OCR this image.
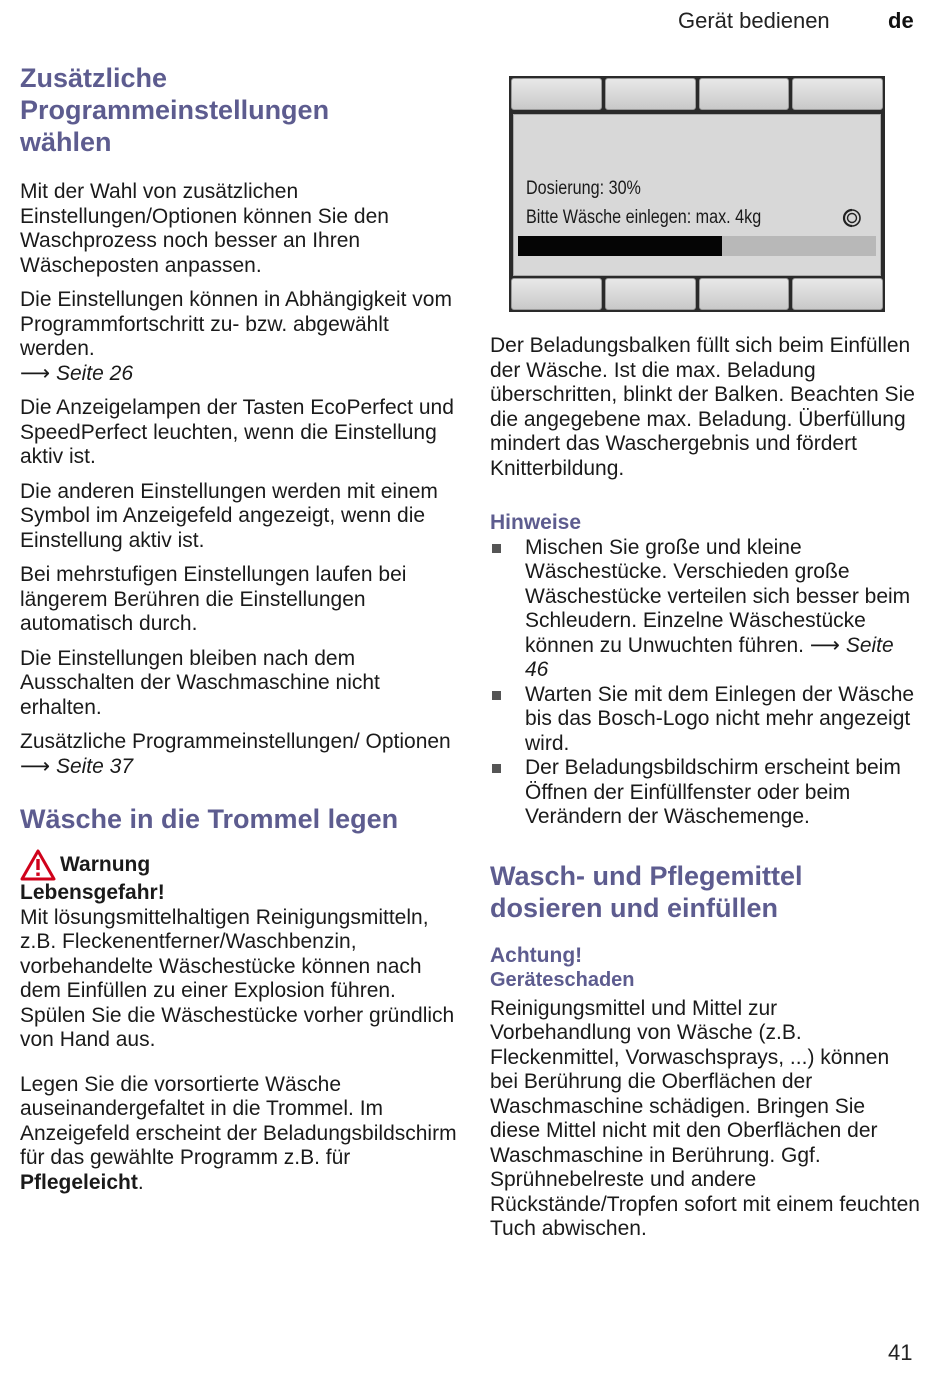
Gerät bedienen	de
Zusätzliche
Programmeinstellungen
wählen

Mit der Wahl von zusätzlichen Einstellungen/Optionen können Sie den Waschprozess noch besser an Ihren Wäscheposten anpassen.

Die Einstellungen können in Abhängigkeit vom Programmfortschritt zu- bzw. abgewählt werden.
⟶ Seite 26

Die Anzeigelampen der Tasten EcoPerfect und SpeedPerfect leuchten, wenn die Einstellung aktiv ist.

Die anderen Einstellungen werden mit einem Symbol im Anzeigefeld angezeigt, wenn die Einstellung aktiv ist.

Bei mehrstufigen Einstellungen laufen bei längerem Berühren die Einstellungen automatisch durch.

Die Einstellungen bleiben nach dem Ausschalten der Waschmaschine nicht erhalten.

Zusätzliche Programmeinstellungen/ Optionen ⟶ Seite 37

Wäsche in die Trommel legen
Warnung
Lebensgefahr!
Mit lösungsmittelhaltigen Reinigungsmitteln, z.B. Fleckenentferner/Waschbenzin, vorbehandelte Wäschestücke können nach dem Einfüllen zu einer Explosion führen.
Spülen Sie die Wäschestücke vorher gründlich von Hand aus.

Legen Sie die vorsortierte Wäsche auseinandergefaltet in die Trommel. Im Anzeigefeld erscheint der Beladungsbildschirm für das gewählte Programm z.B. für Pflegeleicht.

Dosierung: 30%
Bitte Wäsche einlegen: max. 4kg

Der Beladungsbalken füllt sich beim Einfüllen der Wäsche. Ist die max. Beladung überschritten, blinkt der Balken. Beachten Sie die angegebene max. Beladung. Überfüllung mindert das Waschergebnis und fördert Knitterbildung.

Hinweise
Mischen Sie große und kleine Wäschestücke. Verschieden große Wäschestücke verteilen sich besser beim Schleudern. Einzelne Wäschestücke können zu Unwuchten führen. ⟶ Seite 46
Warten Sie mit dem Einlegen der Wäsche bis das Bosch-Logo nicht mehr angezeigt wird.
Der Beladungsbildschirm erscheint beim Öffnen der Einfüllfenster oder beim Verändern der Wäschemenge.
Wasch- und Pflegemittel
dosieren und einfüllen
Achtung!
Geräteschaden

Reinigungsmittel und Mittel zur Vorbehandlung von Wäsche (z.B. Fleckenmittel, Vorwaschsprays, ...) können bei Berührung die Oberflächen der Waschmaschine schädigen. Bringen Sie diese Mittel nicht mit den Oberflächen der Waschmaschine in Berührung. Ggf. Sprühnebelreste und andere Rückstände/Tropfen sofort mit einem feuchten Tuch abwischen.

41
